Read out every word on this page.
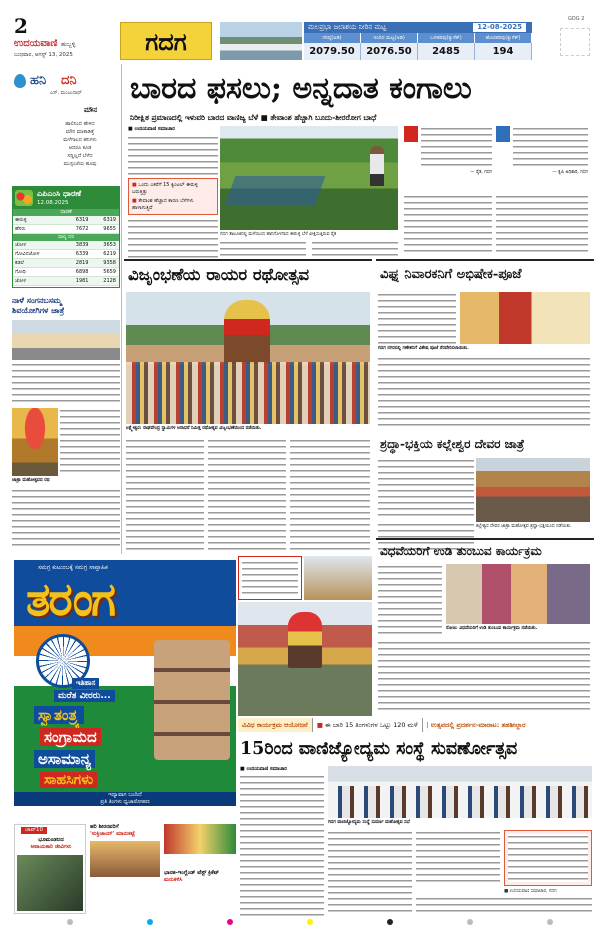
2
ಉದಯವಾಣಿ ಹುಬ್ಬಳ್ಳಿ
ಬುಧವಾರ, ಆಗಸ್ಟ್ 13, 2025	ಗದಗ
ಮಲಪ್ರಭಾ ಜಲಾಶಯ ನೀರಿನ ಮಟ್ಟ	12-08-2025
ಗರಿಷ್ಠ(ಅಡಿ)	ಇಂದಿನ ಮಟ್ಟ(ಅಡಿ)	ಒಳಹರಿವು(ಕ್ಯುಸೆಕ್)	ಹೊರಹರಿವು(ಕ್ಯುಸೆಕ್)
2079.50	2076.50	2485	194
GDG 2
ಹನಿ ದನಿ
ಎಸ್. ಮಂಜುನಾಥ್
ಮೌನ
ಹಾಲಿನಿಂದ ಹೇಳಿದ
ಮೌನ ಮಾತಾಡಿತ್ತೆ
ಮಳೆಗಾಲದ ಹನಿಗಳು
ಆದರೂ ಕೂಡ
ಸದ್ದಿಲ್ಲದೆ ಬೆಳೆದ
ಮುಸ್ಸಂಜೆಯ ಹೂವು
ಎಪಿಎಂಸಿ ಧಾರಣೆ
12.08.2025
ಧಾರಣೆ
ಈರುಳ್ಳಿ	6319	6319
ಹೆಸರು	7672	9655
ಧಾನ್ಯ ದರ
ಜೋಳ	3839	3653
ಗೋವಿನಜೋಳ	6339	6219
ಕಡಲೆ	2819	9358
ಗೋಧಿ	6898	5659
ಜೋಳ	1981	2128
ನಾಳೆ ಸಂಗನಬಸಮ್ಮ
ಶಿವಯೋಗಿಗಳ ಜಾತ್ರೆ
ಜಾತ್ರಾ ಮಹೋತ್ಸವದ ರಥ
ಬಾರದ ಫಸಲು; ಅನ್ನದಾತ ಕಂಗಾಲು
ನಿರೀಕ್ಷಿತ ಪ್ರಮಾಣದಲ್ಲಿ ಇಳುವರಿ ಬಾರದ ವಾಣಿಜ್ಯ ಬೆಳೆ ■ ತೇವಾಂಶ ಹೆಚ್ಚಾಗಿ ಬೂದು-ಶೀರರೋಗ ಬಾಧೆ
■ ಉದಯವಾಣಿ ಸಮಾಚಾರ
■ ಒಂದು ಎಕರೆಗೆ 15 ಕ್ವಿಂಟಲ್‌ ಈರುಳ್ಳಿ ಬರುತ್ತಿತ್ತು
■ ತೇವಾಂಶ ಹೆಚ್ಚಾದ ಕಾರಣ ಬೆಳೆಗಳು ಹಾಳಾಗುತ್ತಿವೆ
ಗದಗ ತಾಲೂಕಿನಲ್ಲಿ ಮಳೆಯಿಂದ ಹಾನಿಗೊಳಗಾದ ಈರುಳ್ಳಿ ಬೆಳೆ ವೀಕ್ಷಿಸುತ್ತಿರುವ ರೈತ
— ರೈತ, ಗದಗ	— ಕೃಷಿ ಅಧಿಕಾರಿ, ಗದಗ
ವಿಜೃಂಭಣೆಯ ರಾಯರ ರಥೋತ್ಸವ
ಲಕ್ಷ್ಮೇಶ್ವರ: ರಾಘವೇಂದ್ರ ಸ್ವಾಮಿಗಳ ಆರಾಧನೆ ನಿಮಿತ್ತ ರಥೋತ್ಸವ ವಿಜೃಂಭಣೆಯಿಂದ ನಡೆಯಿತು.
ವಿಘ್ನ ನಿವಾರಕನಿಗೆ ಅಭಿಷೇಕ-ಪೂಜೆ
ಗದಗ ನಗರದಲ್ಲಿ ಗಣೇಶನಿಗೆ ವಿಶೇಷ ಪೂಜೆ ನೆರವೇರಿಸಲಾಯಿತು.
ಶ್ರದ್ಧಾ-ಭಕ್ತಿಯ ಕಲ್ಲೇಶ್ವರ ದೇವರ ಜಾತ್ರೆ
ಕಲ್ಲೇಶ್ವರ ದೇವರ ಜಾತ್ರಾ ಮಹೋತ್ಸವ ಶ್ರದ್ಧಾ-ಭಕ್ತಿಯಿಂದ ನಡೆಯಿತು.
ವಿಧವೆಯರಿಗೆ ಉಡಿ ತುಂಬುವ ಕಾರ್ಯಕ್ರಮ
ರೋಣ: ವಿಧವೆಯರಿಗೆ ಉಡಿ ತುಂಬುವ ಕಾರ್ಯಕ್ರಮ ನಡೆಯಿತು.
ಸಮಗ್ರ ಕುಟುಂಬಕ್ಕೆ ಸಮಗ್ರ ಸಾಪ್ತಾಹಿಕ
ತರಂಗ
ಇತಿಹಾಸ
ಮರೆತ ವೀರರು...
ಸ್ವಾತಂತ್ರ್ಯ
ಸಂಗ್ರಾಮದ
ಅಸಾಮಾನ್ಯ
ಸಾಹಸಿಗಳು
ಇದ್ಯಾವಾಗ ಬಂದಿದೆ
ಪ್ರತಿ ತಿಂಗಳು ಧ್ವಜಾರೋಹಣ
ವಿವಿಧ ಕಾರ್ಯಕ್ರಮ ಆಯೋಜನೆ	■ ಈ ಬಾರಿ 15 ತಿಂಗಳುಗಳ ಒಟ್ಟು 120 ಮಳೆ	| ಉತ್ಸವದಲ್ಲಿ ಪ್ರದರ್ಶನ-ಮಾರಾಟ: ತಹಶೀಲ್ದಾರ
15ರಿಂದ ವಾಣಿಜ್ಯೋದ್ಯಮ ಸಂಸ್ಥೆ ಸುವರ್ಣೋತ್ಸವ
■ ಉದಯವಾಣಿ ಸಮಾಚಾರ
ಗದಗ ವಾಣಿಜ್ಯೋದ್ಯಮ ಸಂಸ್ಥೆ ಸುವರ್ಣ ಮಹೋತ್ಸವ ಸಭೆ
■ ಉದಯವಾಣಿ ಸಮಾಚಾರ, ಗದಗ
ಚಾಪ್‌10
ಭೂಮಂಡಲದ
ಅಪಾಯಕಾರಿ ಜೀವಿಗಳು
ಹರಿ ಶೀರರವರಿಗೆ
'ಸುಕ್ತಿಜಾಯ್‌' ಮಾರುಕಟ್ಟೆ
ಭಾರತ-ಇಂಗ್ಲೆಂಡ್‌ ಟೆಸ್ಟ್‌ ಕ್ರಿಕೆಟ್‌
ಮರುಕಳಿಸಿ
